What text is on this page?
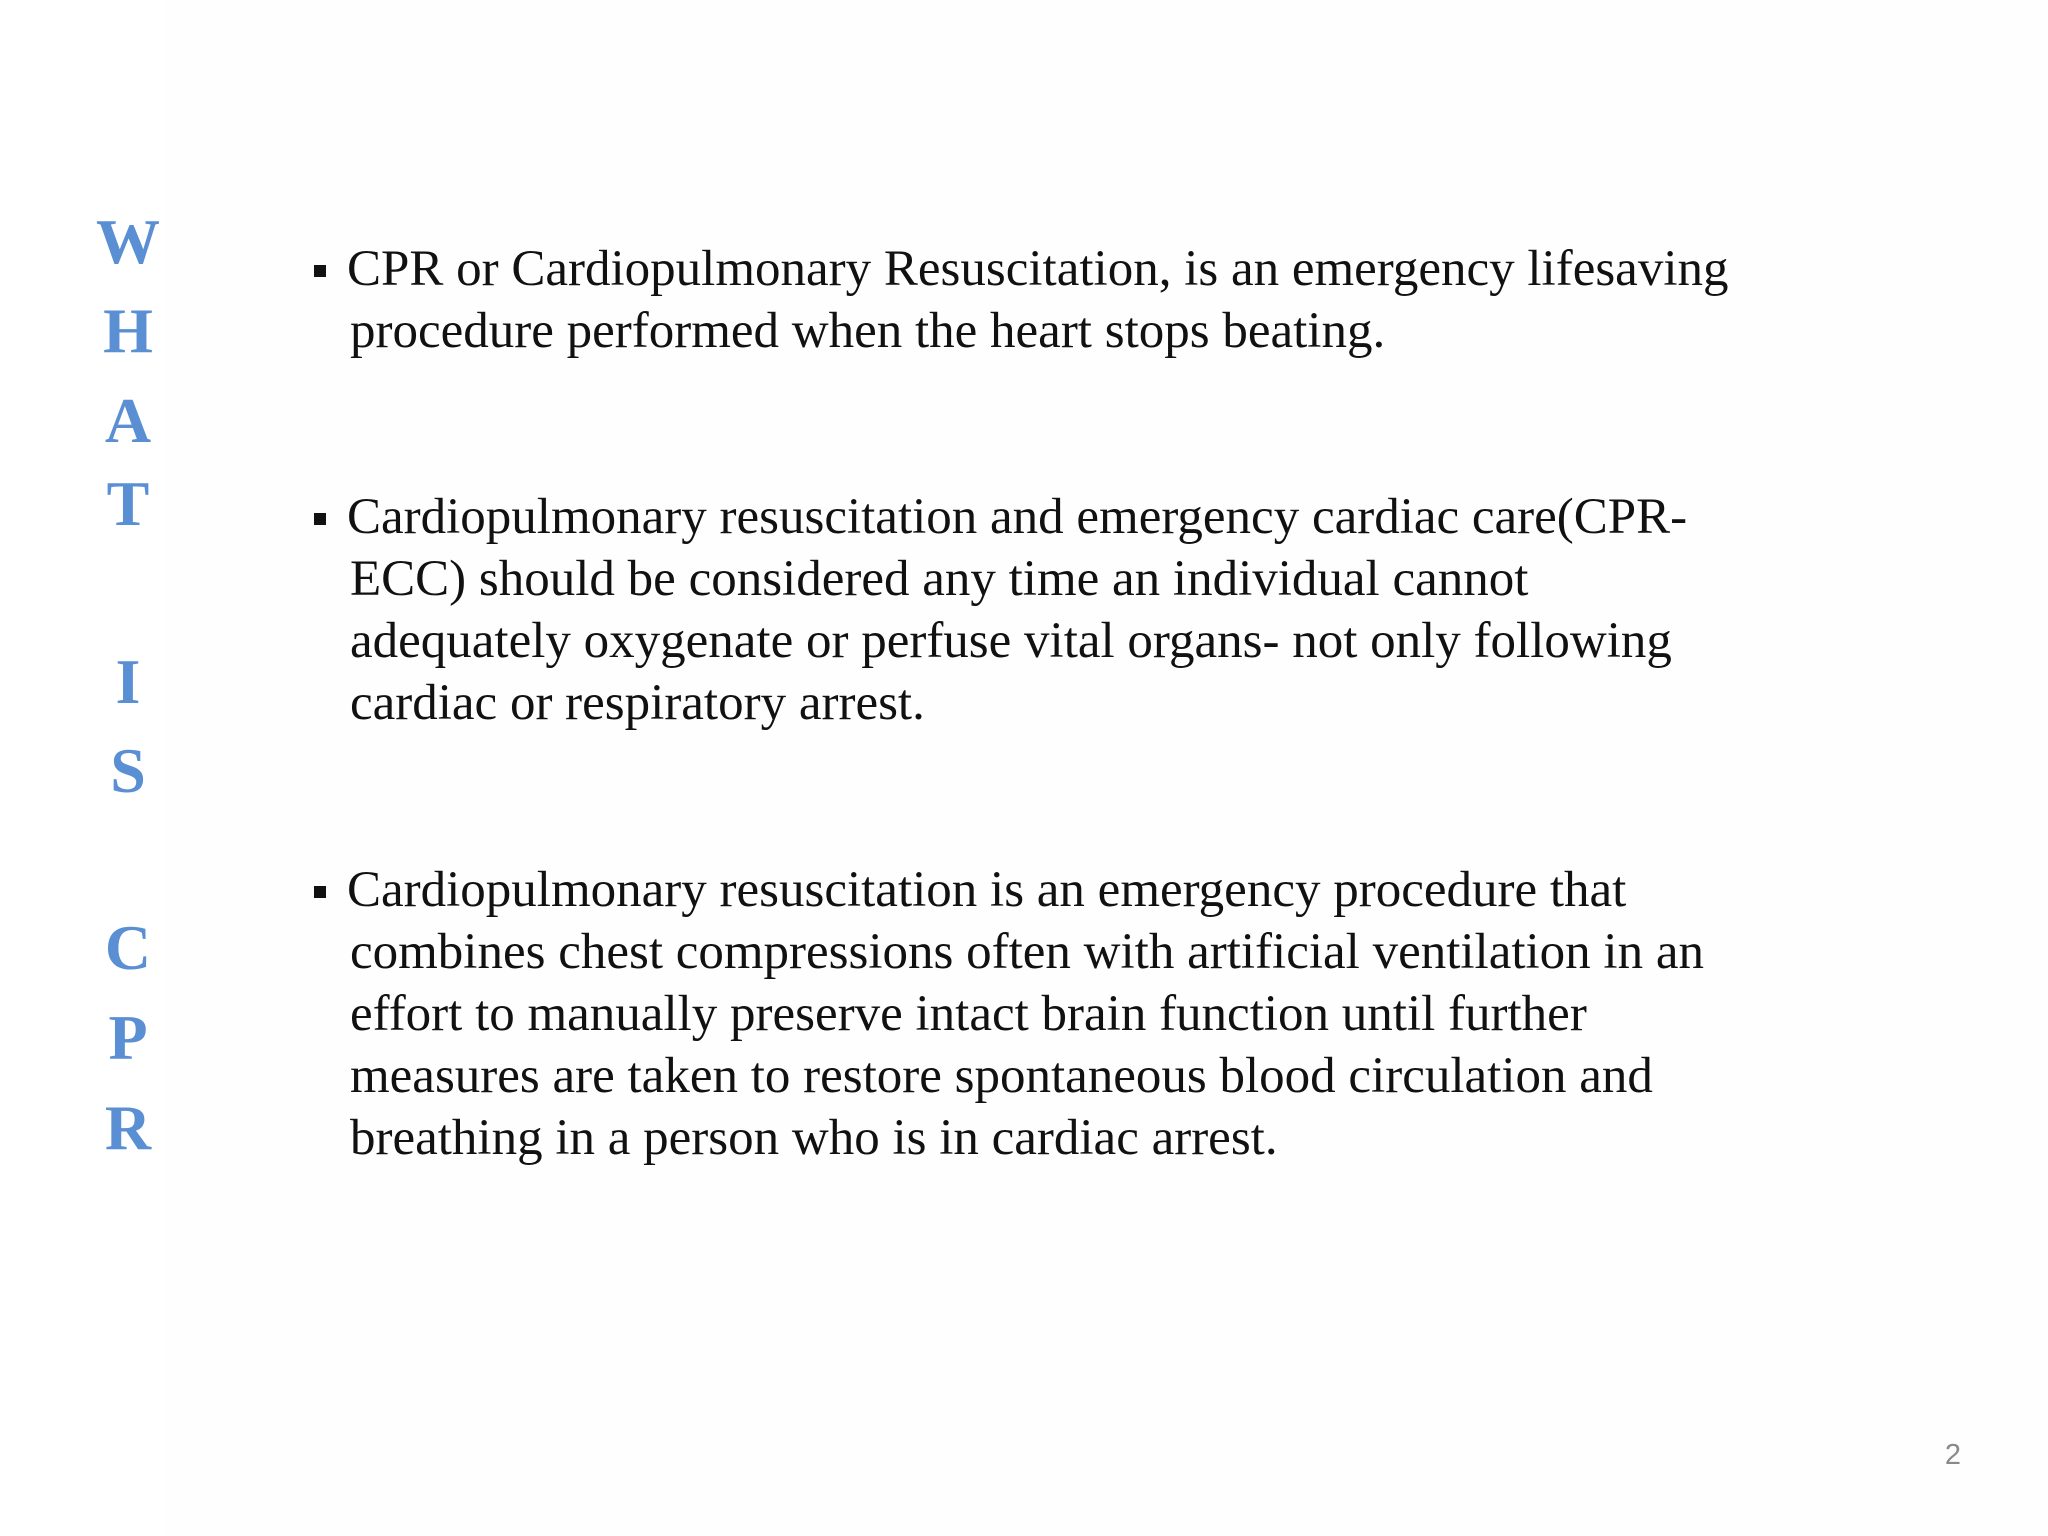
W
H
A
T
I
S
C
P
R
CPR or Cardiopulmonary Resuscitation, is an emergency lifesaving
procedure performed when the heart stops beating.
Cardiopulmonary resuscitation and emergency cardiac care(CPR-
ECC) should be considered any time an individual cannot
adequately oxygenate or perfuse vital organs- not only following
cardiac or respiratory arrest.
Cardiopulmonary resuscitation is an emergency procedure that
combines chest compressions often with artificial ventilation in an
effort to manually preserve intact brain function until further
measures are taken to restore spontaneous blood circulation and
breathing in a person who is in cardiac arrest.
2
